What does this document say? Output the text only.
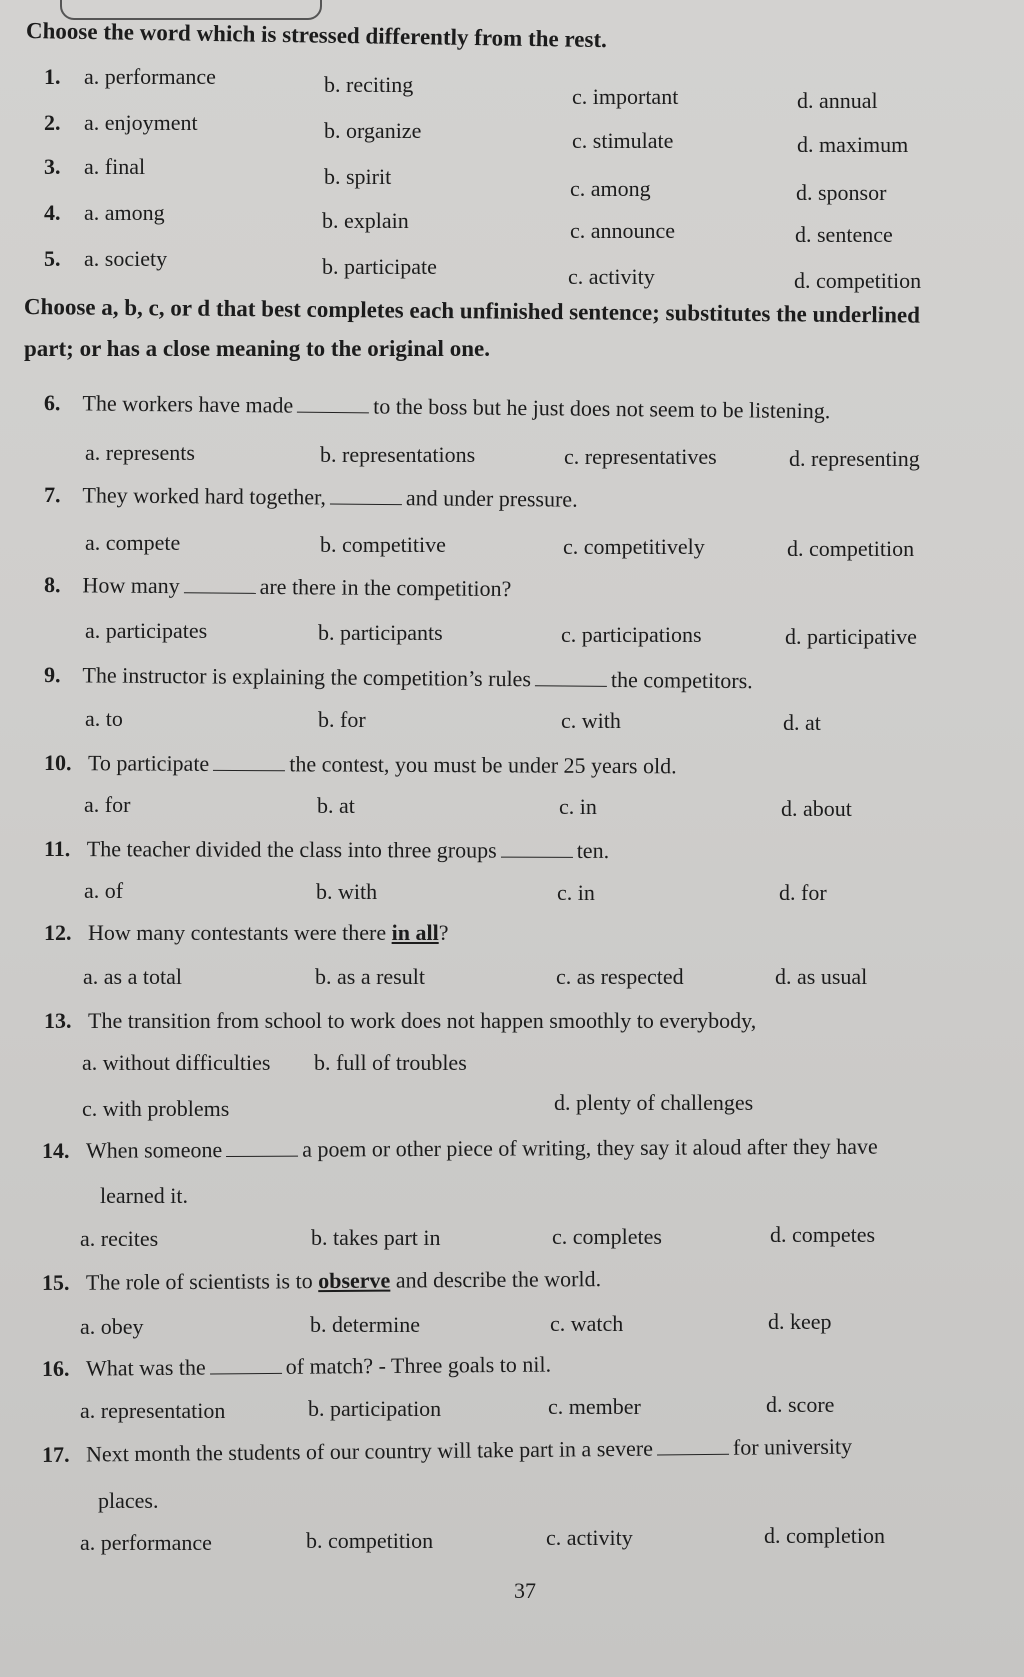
Choose the word which is stressed differently from the rest.
1. a. performance	b. reciting	c. important	d. annual
2. a. enjoyment	b. organize	c. stimulate	d. maximum
3. a. final	b. spirit	c. among	d. sponsor
4. a. among	b. explain	c. announce	d. sentence
5. a. society	b. participate	c. activity	d. competition
Choose a, b, c, or d that best completes each unfinished sentence; substitutes the underlined
part; or has a close meaning to the original one.
6. The workers have made	to the boss but he just does not seem to be listening.
a. represents	b. representations	c. representatives	d. representing
7. They worked hard together,	and under pressure.
a. compete	b. competitive	c. competitively	d. competition
8. How many	are there in the competition?
a. participates	b. participants	c. participations	d. participative
9. The instructor is explaining the competition’s rules	the competitors.
a. to	b. for	c. with	d. at
10. To participate	the contest, you must be under 25 years old.
a. for	b. at	c. in	d. about
11. The teacher divided the class into three groups	ten.
a. of	b. with	c. in	d. for
12. How many contestants were there in all?
a. as a total	b. as a result	c. as respected	d. as usual
13. The transition from school to work does not happen smoothly to everybody,
a. without difficulties b. full of troubles
c. with problems	d. plenty of challenges
14. When someone	a poem or other piece of writing, they say it aloud after they have
learned it.
a. recites	b. takes part in	c. completes	d. competes
15. The role of scientists is to observe and describe the world.
a. obey	b. determine	c. watch	d. keep
16. What was the	of match? - Three goals to nil.
a. representation	b. participation	c. member	d. score
17. Next month the students of our country will take part in a severe	for university
places.
a. performance	b. competition	c. activity	d. completion
37
